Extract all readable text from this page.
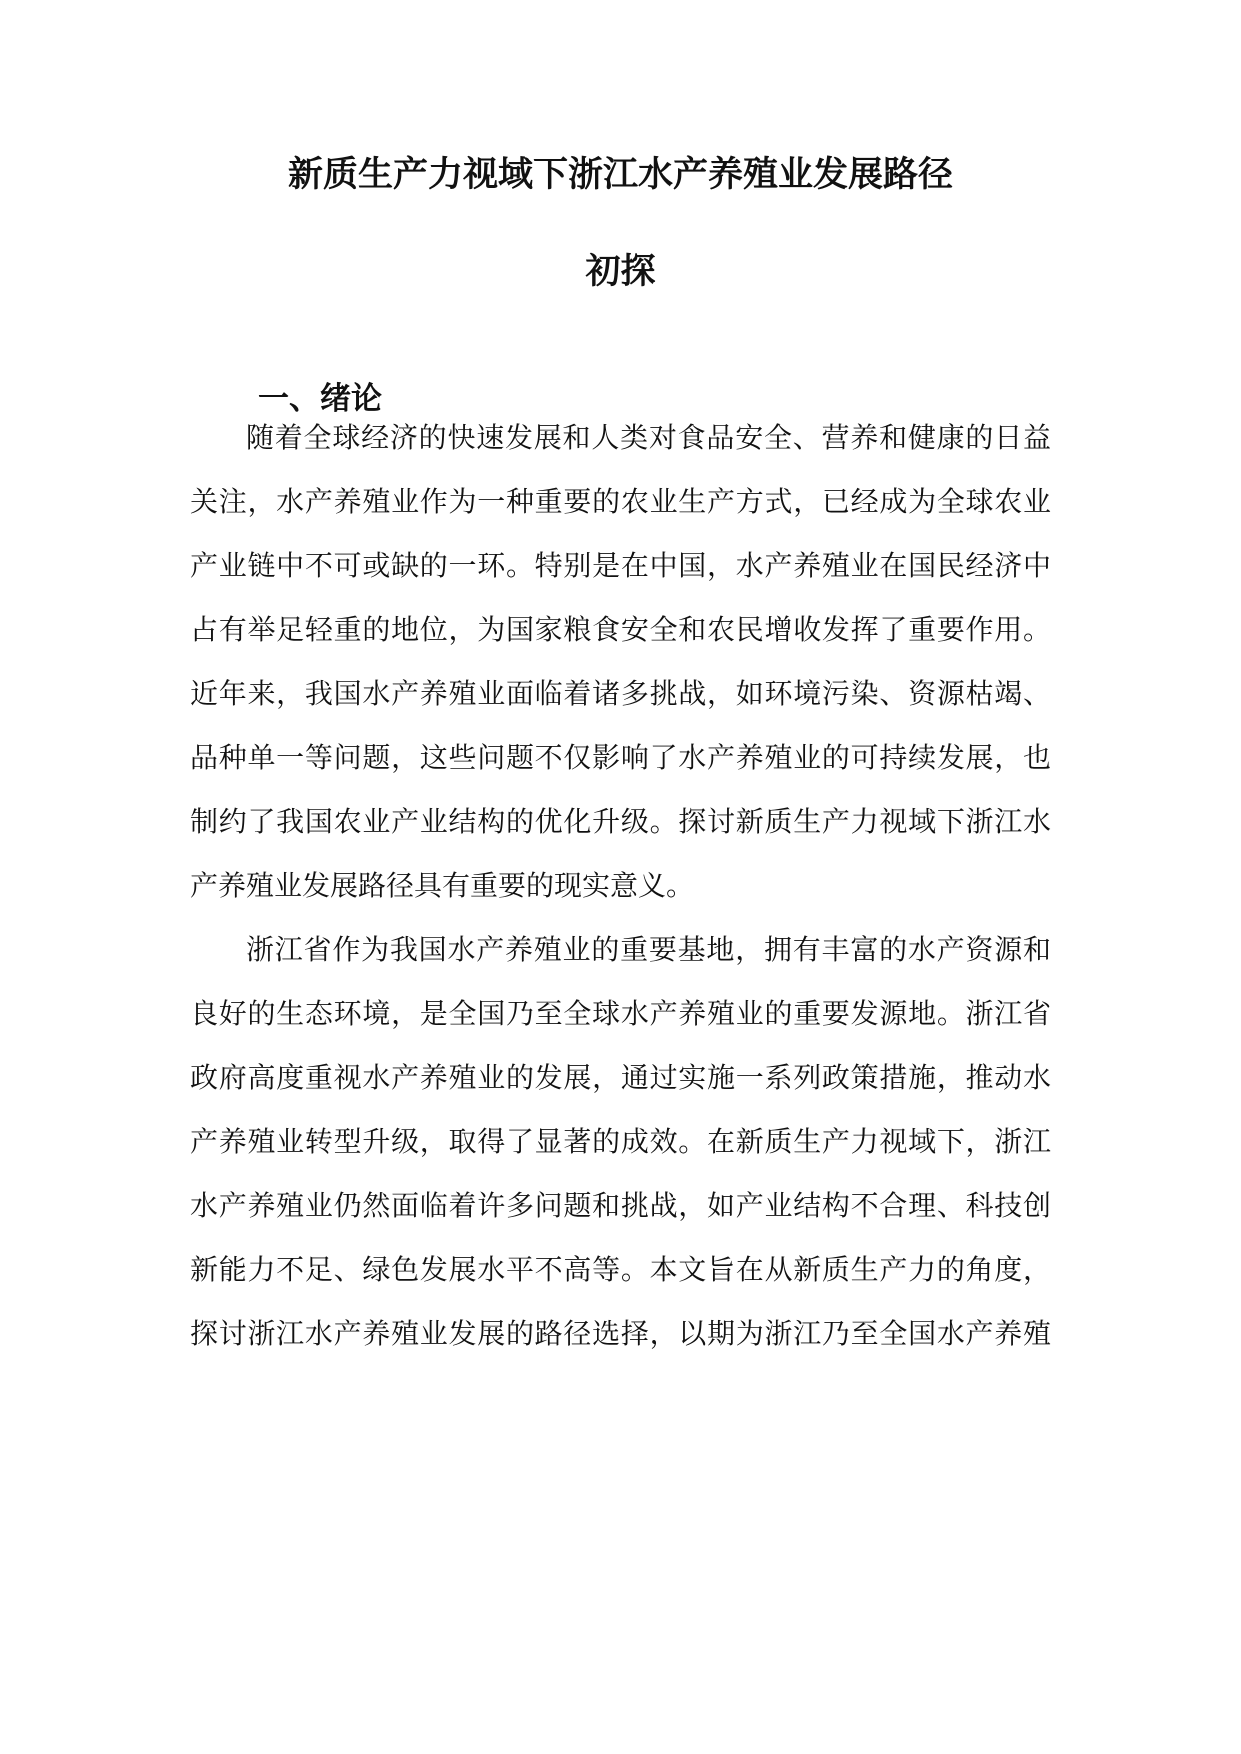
新质生产力视域下浙江水产养殖业发展路径
初探
一、绪论

随着全球经济的快速发展和人类对食品安全、营养和健康的日益

关注，水产养殖业作为一种重要的农业生产方式，已经成为全球农业

产业链中不可或缺的一环。特别是在中国，水产养殖业在国民经济中

占有举足轻重的地位，为国家粮食安全和农民增收发挥了重要作用。

近年来，我国水产养殖业面临着诸多挑战，如环境污染、资源枯竭、

品种单一等问题，这些问题不仅影响了水产养殖业的可持续发展，也

制约了我国农业产业结构的优化升级。探讨新质生产力视域下浙江水

产养殖业发展路径具有重要的现实意义。

浙江省作为我国水产养殖业的重要基地，拥有丰富的水产资源和

良好的生态环境，是全国乃至全球水产养殖业的重要发源地。浙江省

政府高度重视水产养殖业的发展，通过实施一系列政策措施，推动水

产养殖业转型升级，取得了显著的成效。在新质生产力视域下，浙江

水产养殖业仍然面临着许多问题和挑战，如产业结构不合理、科技创

新能力不足、绿色发展水平不高等。本文旨在从新质生产力的角度，

探讨浙江水产养殖业发展的路径选择，以期为浙江乃至全国水产养殖
